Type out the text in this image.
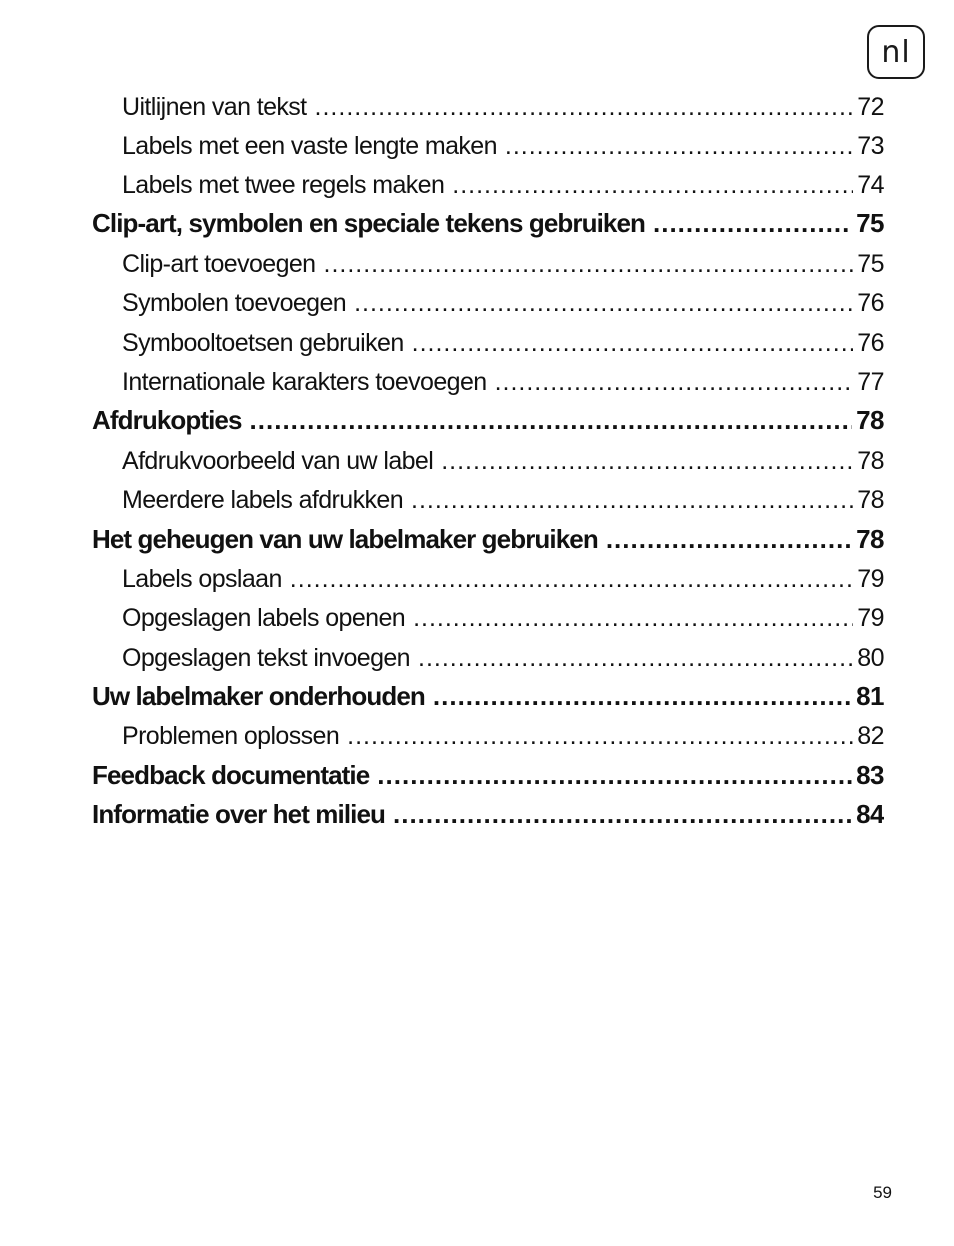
nl
Uitlijnen van tekst .....	72
Labels met een vaste lengte maken .....	73
Labels met twee regels maken .....	74
Clip-art, symbolen en speciale tekens gebruiken .....	75
Clip-art toevoegen .....	75
Symbolen toevoegen .....	76
Symbooltoetsen gebruiken .....	76
Internationale karakters toevoegen .....	77
Afdrukopties .....	78
Afdrukvoorbeeld van uw label .....	78
Meerdere labels afdrukken .....	78
Het geheugen van uw labelmaker gebruiken .....	78
Labels opslaan .....	79
Opgeslagen labels openen .....	79
Opgeslagen tekst invoegen .....	80
Uw labelmaker onderhouden .....	81
Problemen oplossen .....	82
Feedback documentatie .....	83
Informatie over het milieu .....	84
59
